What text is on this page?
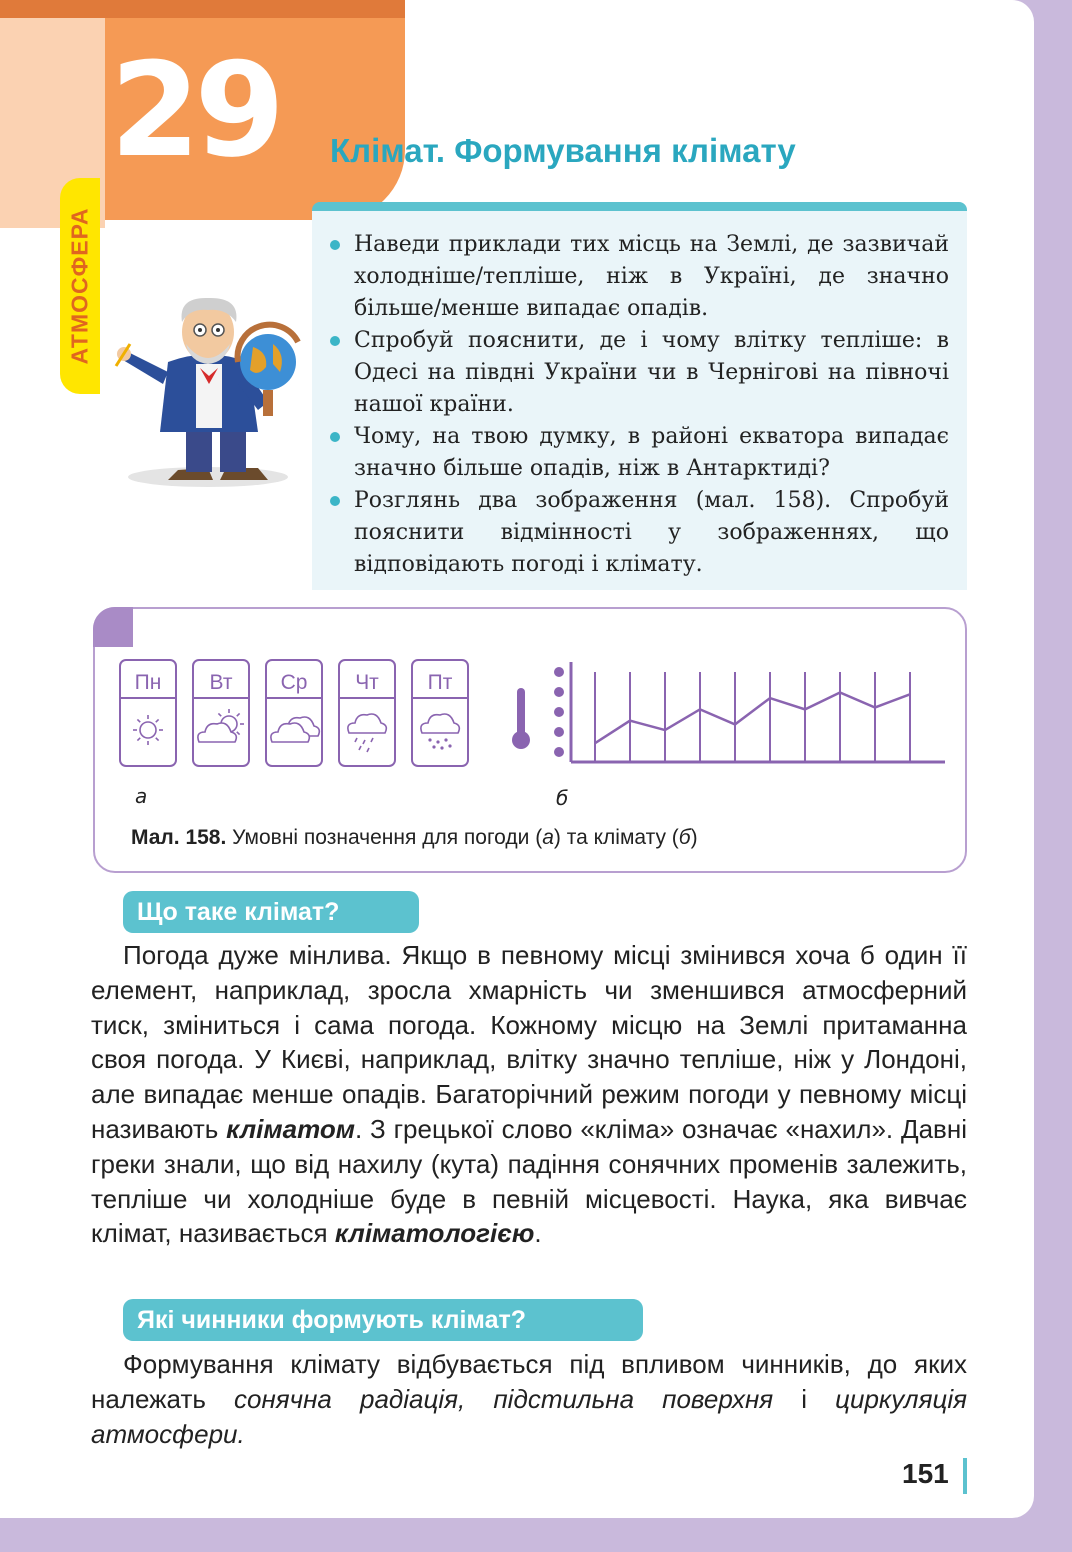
29
АТМОСФЕРА
Клімат. Формування клімату
Наведи приклади тих місць на Землі, де зазвичай холодніше/тепліше, ніж в Україні, де значно більше/менше випадає опадів.
Спробуй пояснити, де і чому влітку тепліше: в Одесі на півдні України чи в Чернігові на півночі нашої країни.
Чому, на твою думку, в районі екватора випадає значно більше опадів, ніж в Антарктиді?
Розглянь два зображення (мал. 158). Спробуй пояснити відмінності у зображеннях, що відповідають погоді і клімату.
Пн Вт Ср Чт Пт
а	б
Мал. 158. Умовні позначення для погоди (а) та клімату (б)
Що таке клімат?
Погода дуже мінлива. Якщо в певному місці змінився хоча б один її елемент, наприклад, зросла хмарність чи зменшився атмосферний тиск, зміниться і сама погода. Кожному місцю на Землі притаманна своя погода. У Києві, наприклад, влітку значно тепліше, ніж у Лондоні, але випадає менше опадів. Багаторічний режим погоди у певному місці називають кліматом. З грецької слово «кліма» означає «нахил». Давні греки знали, що від нахилу (кута) падіння сонячних променів залежить, тепліше чи холодніше буде в певній місцевості. Наука, яка вивчає клімат, називається кліматологією.
Які чинники формують клімат?
Формування клімату відбувається під впливом чинників, до яких належать сонячна радіація, підстильна поверхня і циркуляція атмосфери.
151
